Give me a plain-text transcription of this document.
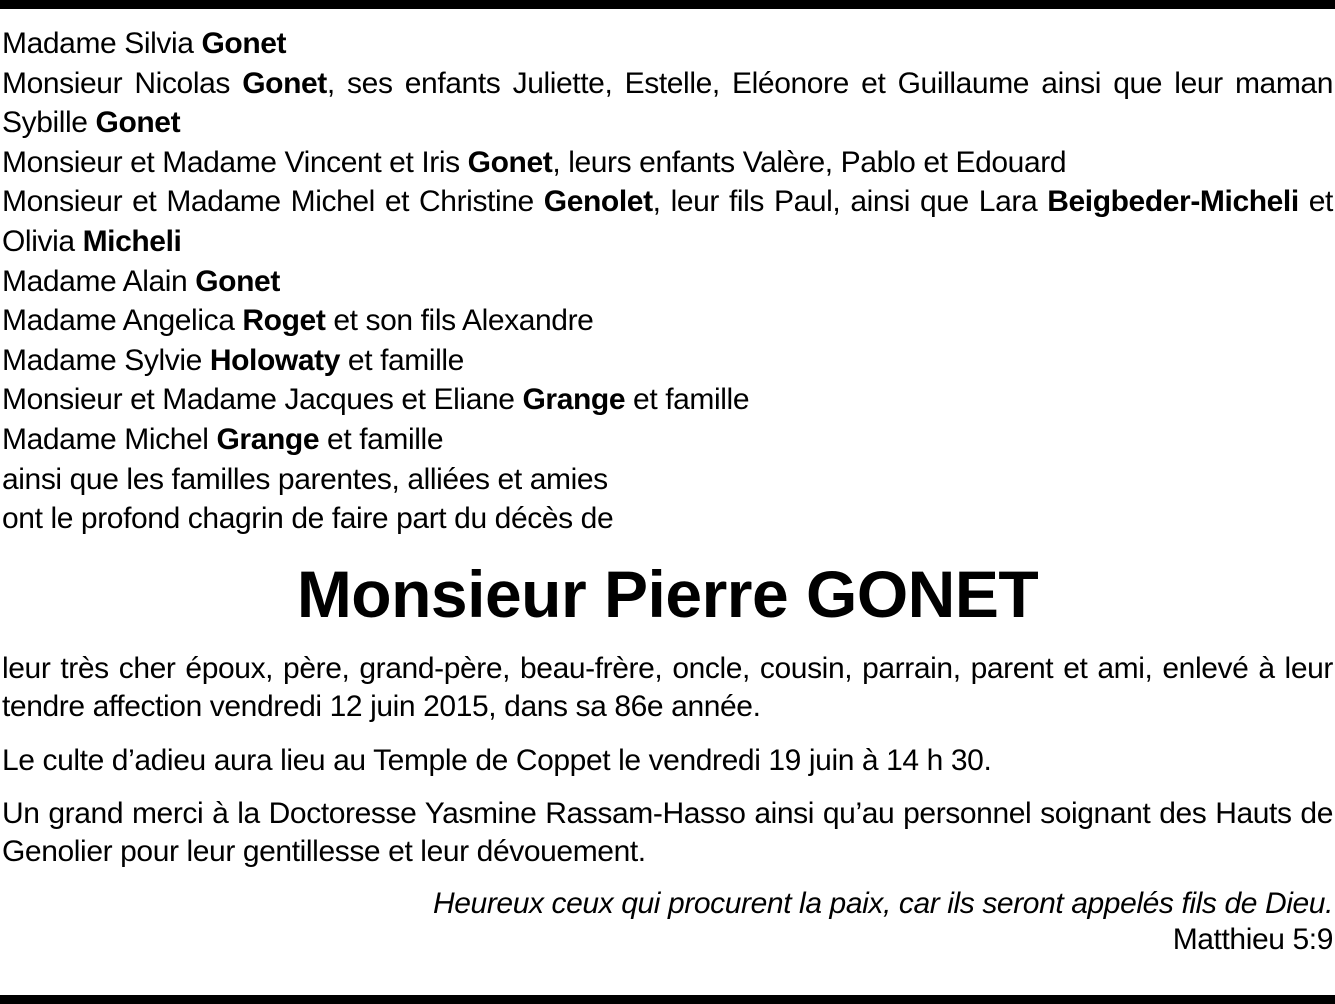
Madame Silvia Gonet
Monsieur Nicolas Gonet, ses enfants Juliette, Estelle, Eléonore et Guillaume ainsi que leur maman Sybille Gonet
Monsieur et Madame Vincent et Iris Gonet, leurs enfants Valère, Pablo et Edouard
Monsieur et Madame Michel et Christine Genolet, leur fils Paul, ainsi que Lara Beigbeder-Micheli et Olivia Micheli
Madame Alain Gonet
Madame Angelica Roget et son fils Alexandre
Madame Sylvie Holowaty et famille
Monsieur et Madame Jacques et Eliane Grange et famille
Madame Michel Grange et famille
ainsi que les familles parentes, alliées et amies
ont le profond chagrin de faire part du décès de
Monsieur Pierre GONET
leur très cher époux, père, grand-père, beau-frère, oncle, cousin, parrain, parent et ami, enlevé à leur tendre affection vendredi 12 juin 2015, dans sa 86e année.
Le culte d’adieu aura lieu au Temple de Coppet le vendredi 19 juin à 14 h 30.
Un grand merci à la Doctoresse Yasmine Rassam-Hasso ainsi qu’au personnel soignant des Hauts de Genolier pour leur gentillesse et leur dévouement.
Heureux ceux qui procurent la paix, car ils seront appelés fils de Dieu.
Matthieu 5:9
